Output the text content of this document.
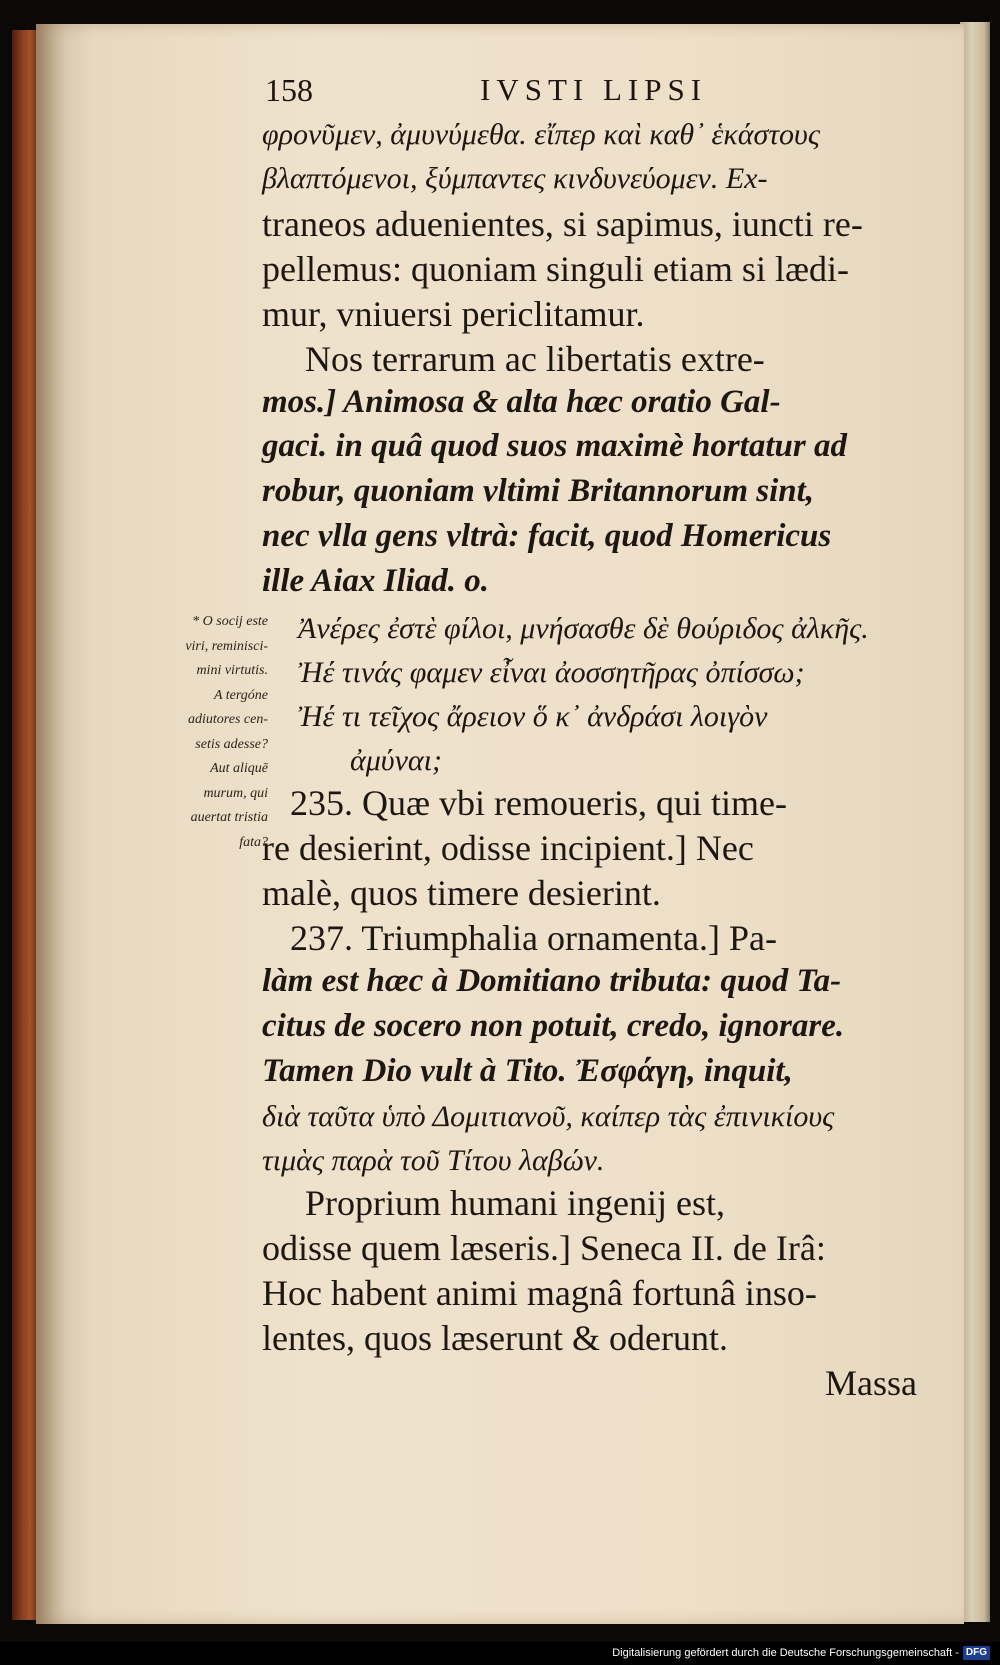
158	IVSTI LIPSI
φρονῦμεν, ἀμυνύμεθα. εἴπερ καὶ καθ᾽ ἑκάστους
βλαπτόμενοι, ξύμπαντες κινδυνεύομεν. Ex-
traneos aduenientes, si sapimus, iuncti re-
pellemus: quoniam singuli etiam si lædi-
mur, vniuersi periclitamur.
Nos terrarum ac libertatis extre-
mos.] Animosa & alta hæc oratio Gal-
gaci. in quâ quod suos maximè hortatur ad
robur, quoniam vltimi Britannorum sint,
nec vlla gens vltrà: facit, quod Homericus
ille Aiax Iliad. o.
Ἀνέρες ἐστὲ φίλοι, μνήσασθε δὲ θούριδος ἀλκῆς.
Ἠέ τινάς φαμεν εἶναι ἀοσσητῆρας ὀπίσσω;
Ἠέ τι τεῖχος ἄρειον ὅ κ᾽ ἀνδράσι λοιγὸν
ἀμύναι;
235. Quæ vbi remoueris, qui time-
re desierint, odisse incipient.] Nec
malè, quos timere desierint.
237. Triumphalia ornamenta.] Pa-
làm est hæc à Domitiano tributa: quod Ta-
citus de socero non potuit, credo, ignorare.
Tamen Dio vult à Tito. Ἐσφάγη, inquit,
διὰ ταῦτα ὑπὸ Δομιτιανοῦ, καίπερ τὰς ἐπινικίους
τιμὰς παρὰ τοῦ Τίτου λαβών.
Proprium humani ingenij est,
odisse quem læseris.] Seneca II. de Irâ:
Hoc habent animi magnâ fortunâ inso-
lentes, quos læserunt & oderunt.
Massa
* O socij este
viri, reminisci-
mini virtutis.
A tergóne
adiutores cen-
setis adesse?
Aut aliquē
murum, qui
auertat tristia
fata?
Digitalisierung gefördert durch die Deutsche Forschungsgemeinschaft - DFG
